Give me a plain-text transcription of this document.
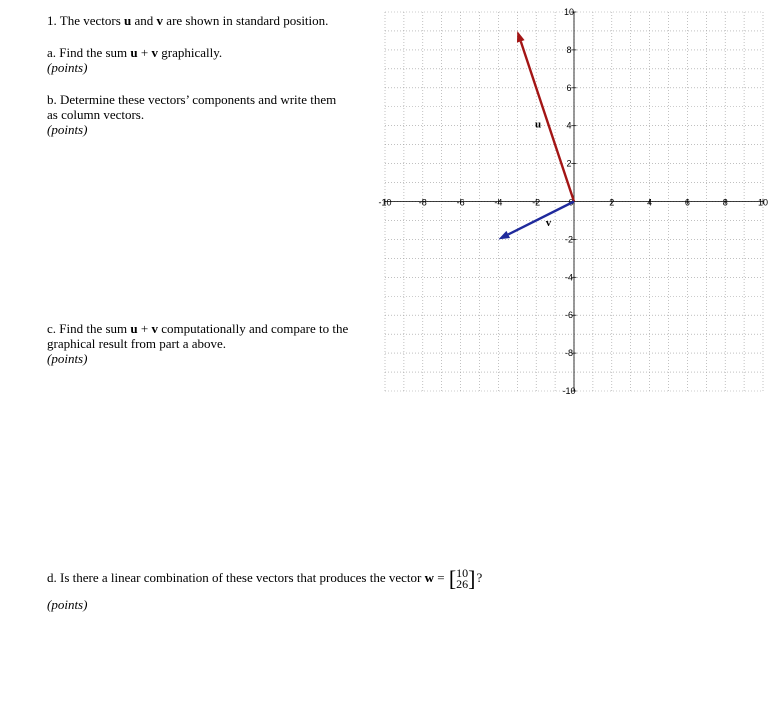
-10	-8	-6	-4	-2	2	4	6	8	10
10
8
6
4
2
-2
-4
-6
-8
-10
u
v
1. The vectors u and v are shown in standard position.
a. Find the sum u + v graphically.
(points)
b. Determine these vectors’ components and write them
as column vectors.
(points)
c. Find the sum u + v computationally and compare to the
graphical result from part a above.
(points)
d. Is there a linear combination of these vectors that produces the vector w = [ 10
26 ]?
(points)
